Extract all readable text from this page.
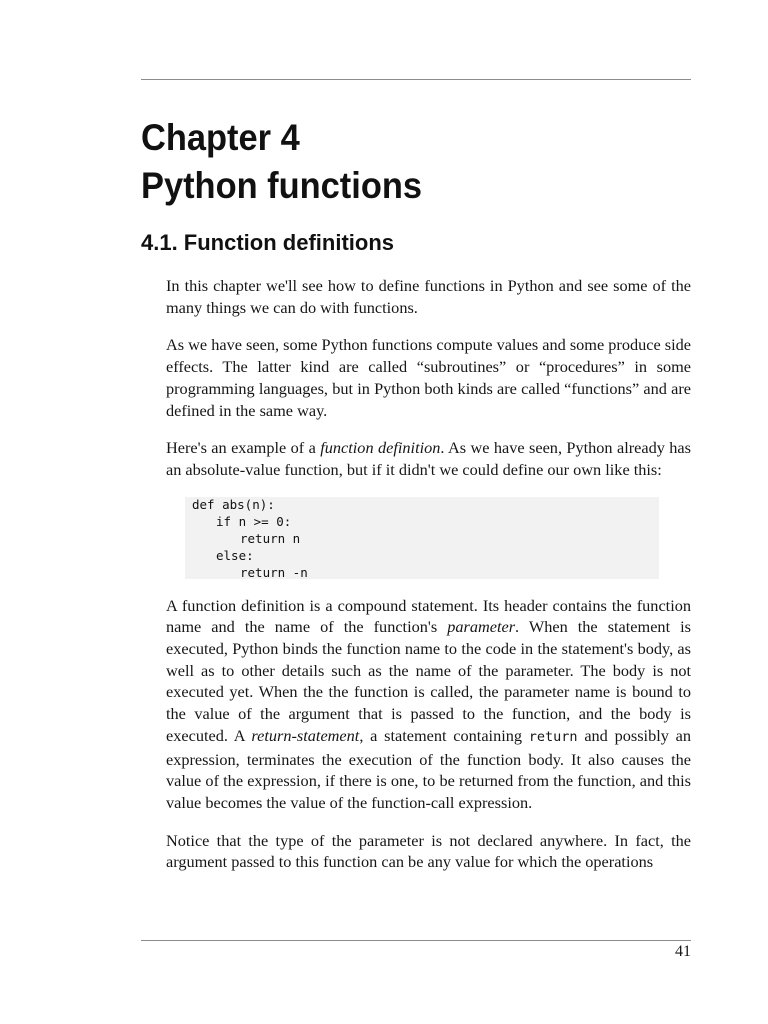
Chapter 4
Python functions
4.1. Function definitions

In this chapter we'll see how to define functions in Python and see some of the many things we can do with functions.

As we have seen, some Python functions compute values and some produce side effects. The latter kind are called “subroutines” or “procedures” in some programming languages, but in Python both kinds are called “functions” and are defined in the same way.

Here's an example of a function definition. As we have seen, Python already has an absolute-value function, but if it didn't we could define our own like this:

def abs(n):
if n >= 0:
return n
else:
return -n

A function definition is a compound statement. Its header contains the function name and the name of the function's parameter. When the statement is executed, Python binds the function name to the code in the statement's body, as well as to other details such as the name of the parameter. The body is not executed yet. When the the function is called, the parameter name is bound to the value of the argument that is passed to the function, and the body is executed. A return-statement, a statement containing return and possibly an expression, terminates the execution of the function body. It also causes the value of the expression, if there is one, to be returned from the function, and this value becomes the value of the function-call expression.

Notice that the type of the parameter is not declared anywhere. In fact, the argument passed to this function can be any value for which the operations

41
